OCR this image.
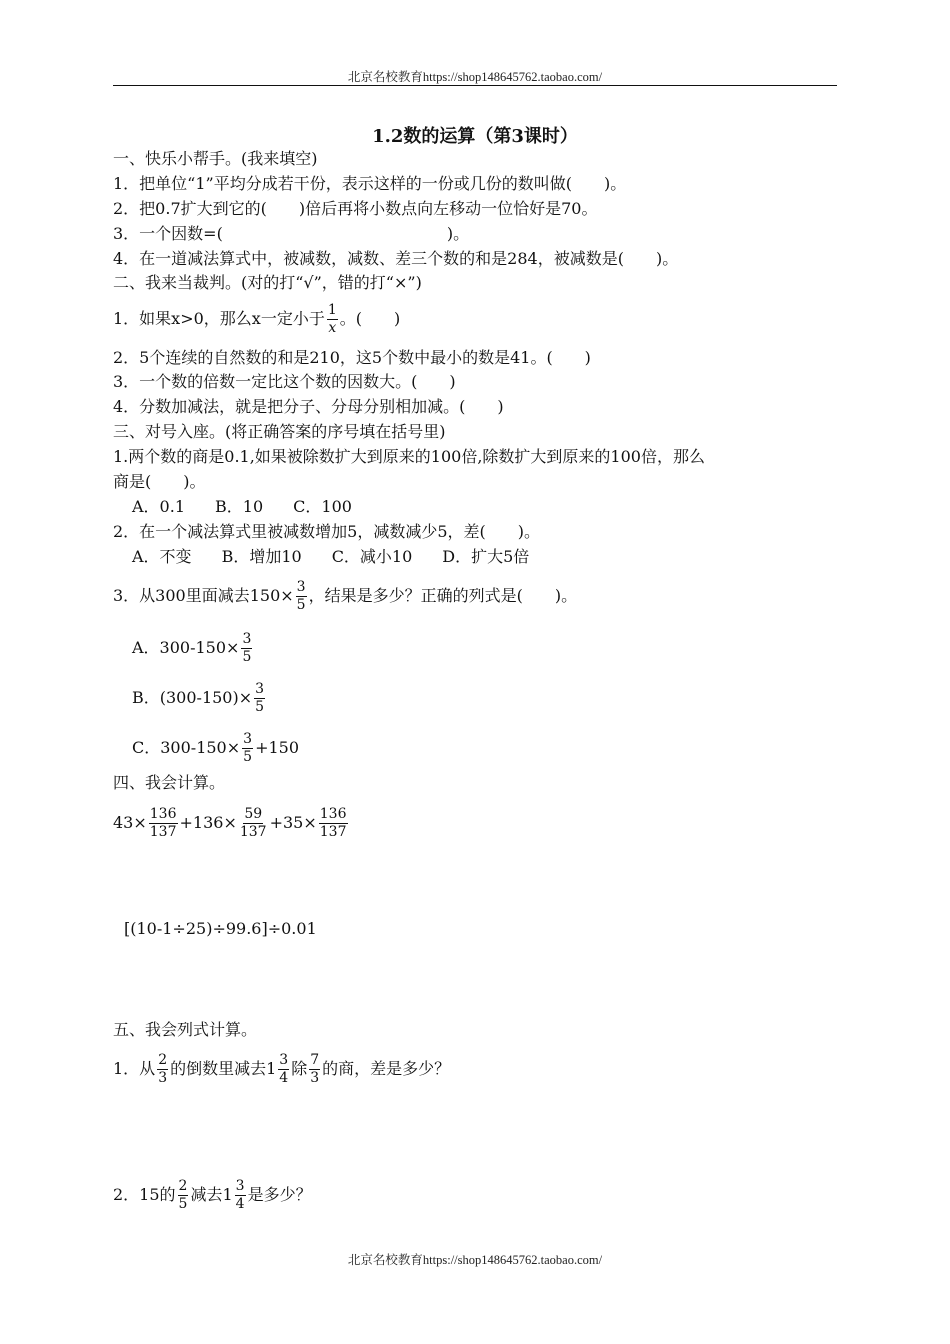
北京名校教育https://shop148645762.taobao.com/
1.2数的运算（第3课时）
一、快乐小帮手。(我来填空)
1．把单位“1”平均分成若干份，表示这样的一份或几份的数叫做(　　)。
2．把0.7扩大到它的(　　)倍后再将小数点向左移动一位恰好是70。
3．一个因数=(　　　　　　　　　　　　　　)。
4．在一道减法算式中，被减数，减数、差三个数的和是284，被减数是(　　)。
二、我来当裁判。(对的打“√”，错的打“×”)
1．如果x>0，那么x一定小于 $\frac{1}{x}$ 。(　　)
2．5个连续的自然数的和是210，这5个数中最小的数是41。(　　)
3．一个数的倍数一定比这个数的因数大。(　　)
4．分数加减法，就是把分子、分母分别相加减。(　　)
三、对号入座。(将正确答案的序号填在括号里)
1.两个数的商是0.1,如果被除数扩大到原来的100倍,除数扩大到原来的100倍，那么
商是(　　)。
A．0.1 B．10 C．100
2．在一个减法算式里被减数增加5，减数减少5，差(　　)。
A．不变 B．增加10 C．减小10 D．扩大5倍
3．从300里面减去$150\times \frac{3}{5}$ ，结果是多少？正确的列式是(　　)。
A．$300-150\times \frac{3}{5}$
B．$(300-150)\times \frac{3}{5}$
C．$300-150\times \frac{3}{5} +150$
四、我会计算。
$43\times \frac{136}{137} +136\times \frac{59}{137} +35\times \frac{136}{137}$
[(10-1÷25)÷99.6]÷0.01
五、我会列式计算。
1．从 $\frac{2}{3}$ 的倒数里减去$1 \frac{3}{4}$ 除 $\frac{7}{3}$ 的商，差是多少？
2．15的 $\frac{2}{5}$ 减去$1 \frac{3}{4}$ 是多少？
北京名校教育https://shop148645762.taobao.com/
